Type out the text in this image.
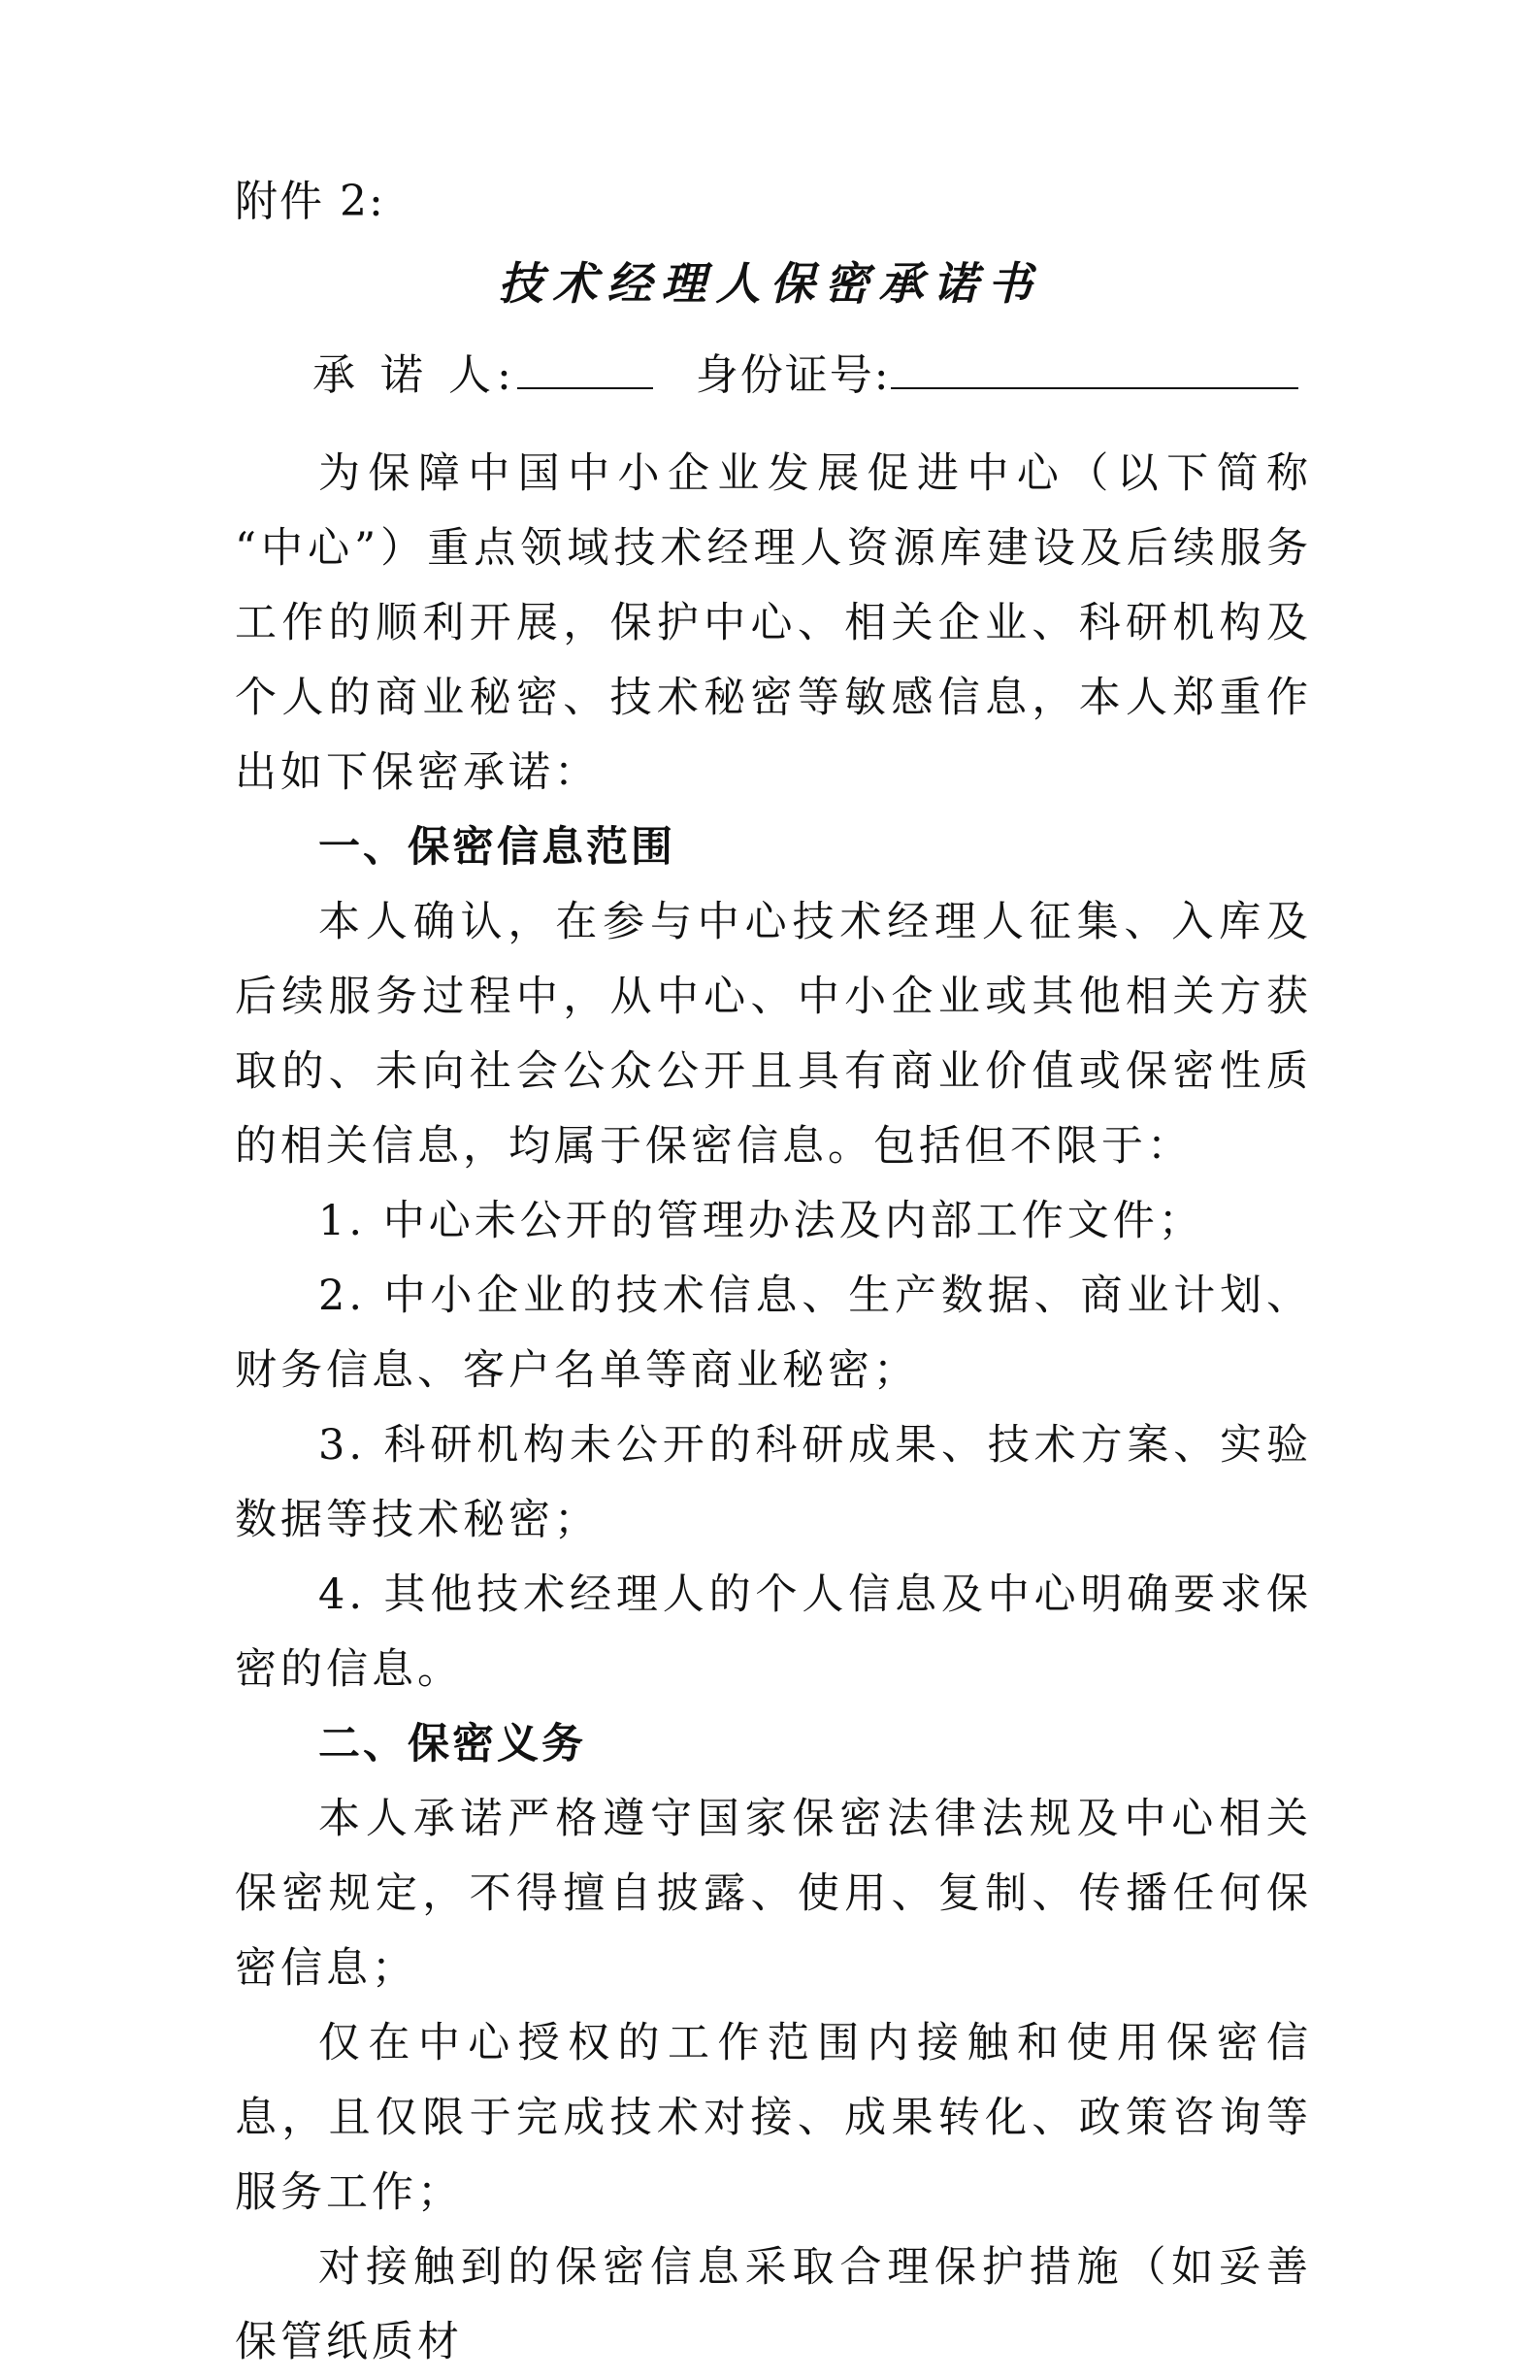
附件 2:
技术经理人保密承诺书
承 诺 人:	身份证号:

为保障中国中小企业发展促进中心（以下简称 “中心”）重点领域技术经理人资源库建设及后续服务工作的顺利开展，保护中心、相关企业、科研机构及个人的商业秘密、技术秘密等敏感信息，本人郑重作出如下保密承诺：

一、保密信息范围

本人确认，在参与中心技术经理人征集、入库及后续服务过程中，从中心、中小企业或其他相关方获取的、未向社会公众公开且具有商业价值或保密性质的相关信息，均属于保密信息。包括但不限于：

1. 中心未公开的管理办法及内部工作文件；

2. 中小企业的技术信息、生产数据、商业计划、财务信息、客户名单等商业秘密；

3. 科研机构未公开的科研成果、技术方案、实验数据等技术秘密；

4. 其他技术经理人的个人信息及中心明确要求保密的信息。

二、保密义务

本人承诺严格遵守国家保密法律法规及中心相关保密规定，不得擅自披露、使用、复制、传播任何保密信息；

仅在中心授权的工作范围内接触和使用保密信息，且仅限于完成技术对接、成果转化、政策咨询等服务工作；

对接触到的保密信息采取合理保护措施（如妥善保管纸质材
